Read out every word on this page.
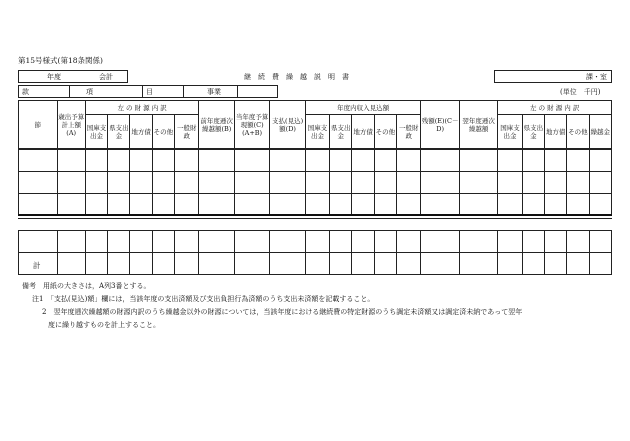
第15号様式(第18条関係)
年度	会計	継　続　費　繰　越　説　明　書	課・室
款	項	目	事業	(単位　千円)
節	歳出予算計上額(A)	左 の 財 源 内 訳					前年度逓次繰越額(B)	当年度予算現額(C)(A+B)	支払(見込)額(D)	年度内収入見込額					残額(E)(C－D)	翌年度逓次繰越額	左 の 財 源 内 訳				
		国庫支出金	県支出金	地方債	その他	一般財政				国庫支出金	県支出金	地方債	その他	一般財政			国庫支出金	県支出金	地方債	その他	繰越金

計
備考　用紙の大きさは，A列3番とする。
注1　「支払(見込)額」欄には，当該年度の支出済額及び支出負担行為済額のうち支出未済額を記載すること。
2　翌年度逓次繰越額の財源内訳のうち繰越金以外の財源については，当該年度における継続費の特定財源のうち調定未済額又は調定済未納であって翌年
度に繰り越すものを計上すること。
